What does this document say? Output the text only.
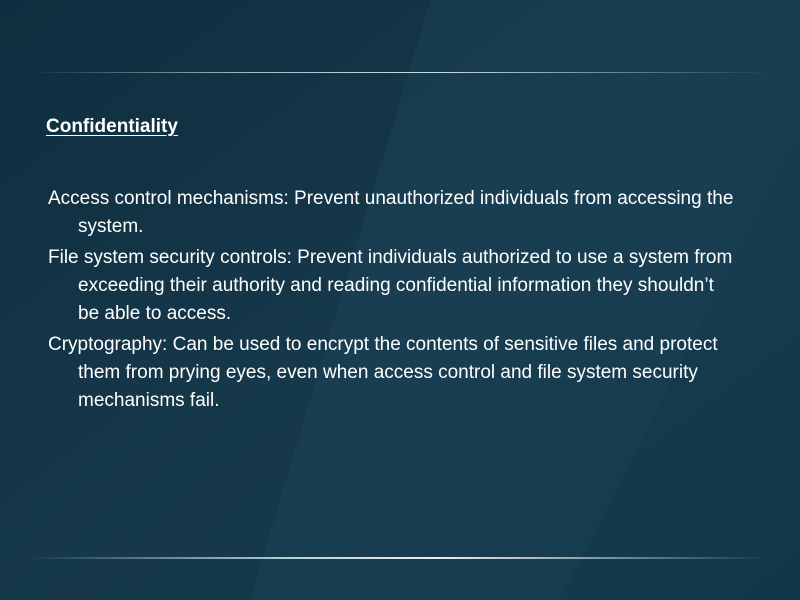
Confidentiality
Access control mechanisms: Prevent unauthorized individuals from accessing the system.
File system security controls: Prevent individuals authorized to use a system from exceeding their authority and reading confidential information they shouldn’t be able to access.
Cryptography: Can be used to encrypt the contents of sensitive files and protect them from prying eyes, even when access control and file system security mechanisms fail.
